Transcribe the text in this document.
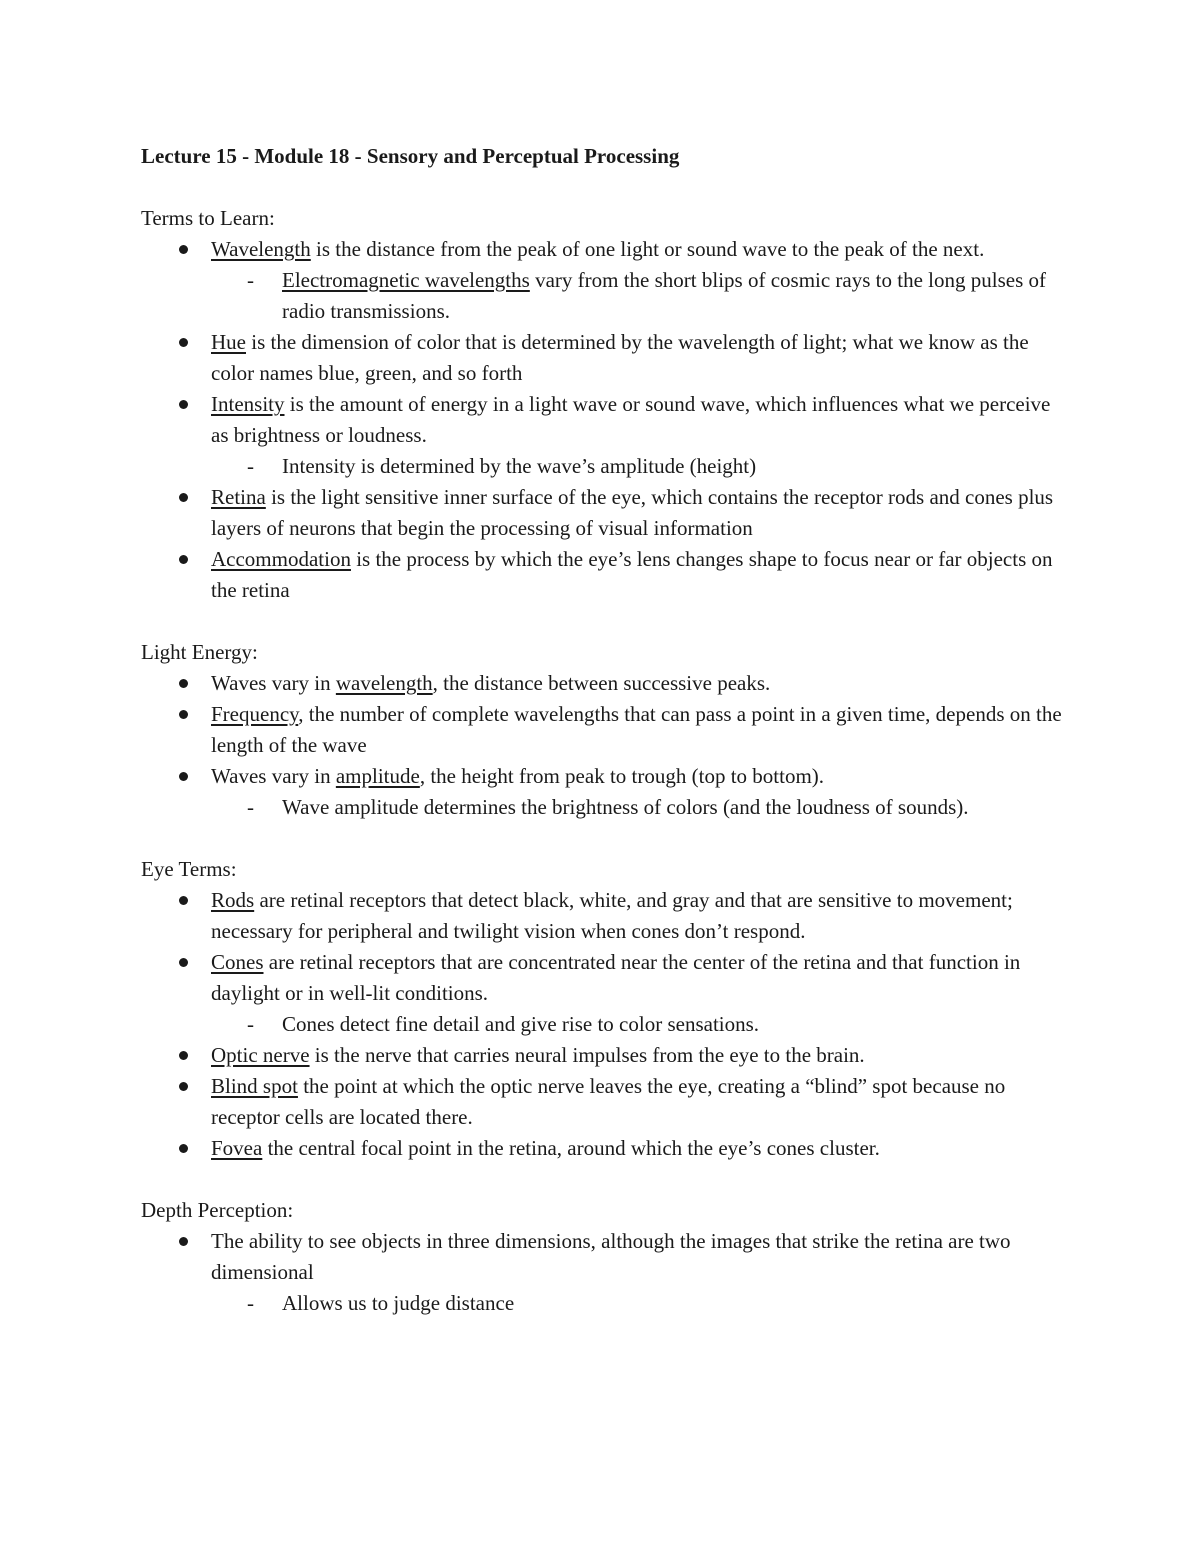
Lecture 15 - Module 18 - Sensory and Perceptual Processing

Terms to Learn:

Wavelength is the distance from the peak of one light or sound wave to the peak of the next.
- Electromagnetic wavelengths vary from the short blips of cosmic rays to the long pulses of radio transmissions.
Hue is the dimension of color that is determined by the wavelength of light; what we know as the color names blue, green, and so forth
Intensity is the amount of energy in a light wave or sound wave, which influences what we perceive as brightness or loudness.
- Intensity is determined by the wave’s amplitude (height)
Retina is the light sensitive inner surface of the eye, which contains the receptor rods and cones plus layers of neurons that begin the processing of visual information
Accommodation is the process by which the eye’s lens changes shape to focus near or far objects on the retina

Light Energy:

Waves vary in wavelength, the distance between successive peaks.
Frequency, the number of complete wavelengths that can pass a point in a given time, depends on the length of the wave
Waves vary in amplitude, the height from peak to trough (top to bottom).
- Wave amplitude determines the brightness of colors (and the loudness of sounds).

Eye Terms:

Rods are retinal receptors that detect black, white, and gray and that are sensitive to movement; necessary for peripheral and twilight vision when cones don’t respond.
Cones are retinal receptors that are concentrated near the center of the retina and that function in daylight or in well-lit conditions.
- Cones detect fine detail and give rise to color sensations.
Optic nerve is the nerve that carries neural impulses from the eye to the brain.
Blind spot the point at which the optic nerve leaves the eye, creating a “blind” spot because no receptor cells are located there.
Fovea the central focal point in the retina, around which the eye’s cones cluster.

Depth Perception:

The ability to see objects in three dimensions, although the images that strike the retina are two dimensional
- Allows us to judge distance
